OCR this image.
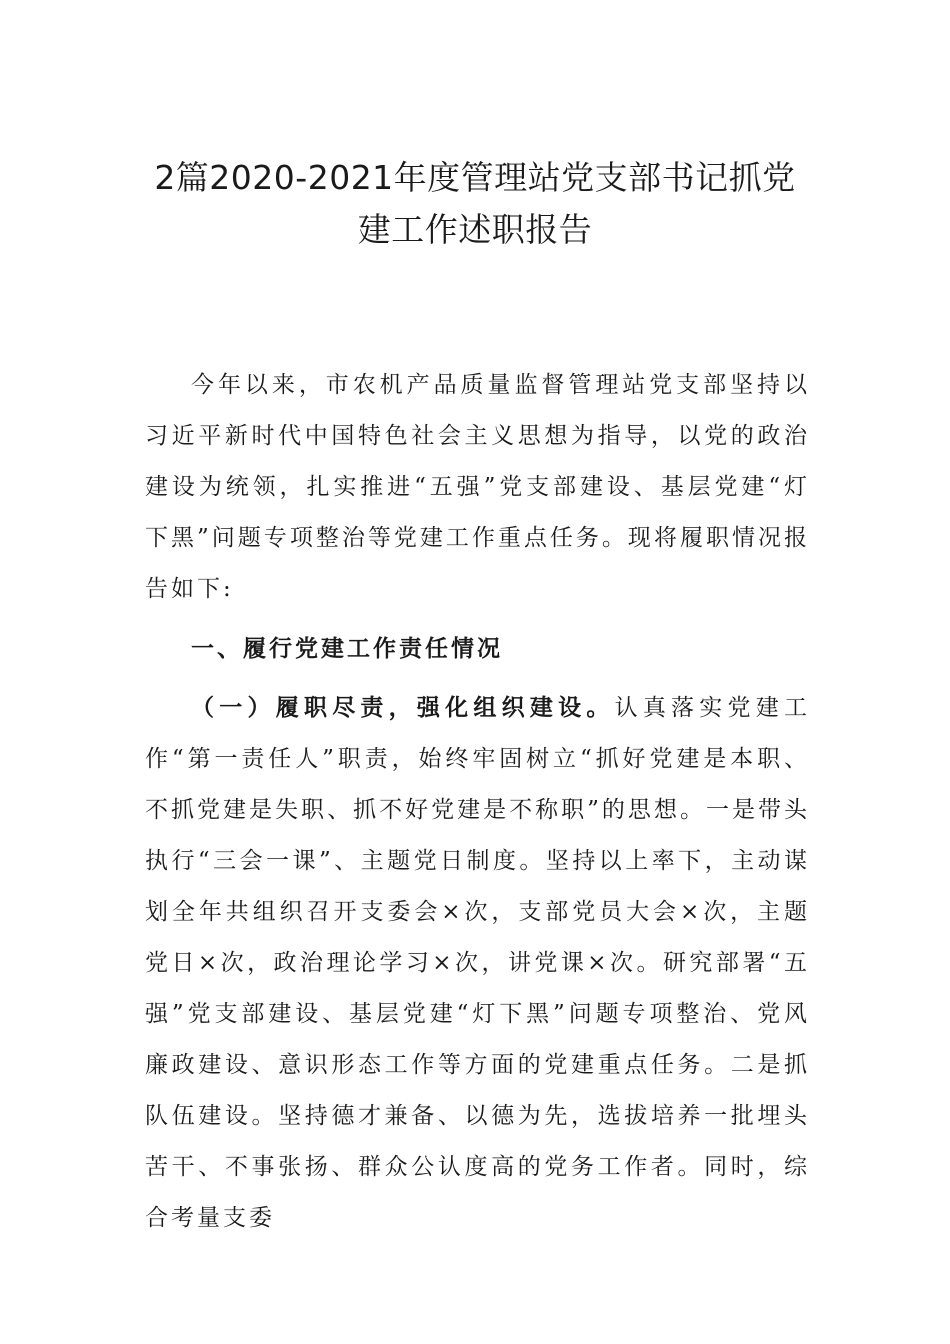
2篇2020-2021年度管理站党支部书记抓党
建工作述职报告

今年以来，市农机产品质量监督管理站党支部坚持以习近平新时代中国特色社会主义思想为指导，以党的政治建设为统领，扎实推进“五强”党支部建设、基层党建“灯下黑”问题专项整治等党建工作重点任务。现将履职情况报告如下:

一、履行党建工作责任情况

（一）履职尽责，强化组织建设。认真落实党建工作“第一责任人”职责，始终牢固树立“抓好党建是本职、不抓党建是失职、抓不好党建是不称职”的思想。一是带头执行“三会一课”、主题党日制度。坚持以上率下，主动谋划全年共组织召开支委会×次，支部党员大会×次，主题党日×次，政治理论学习×次，讲党课×次。研究部署“五强”党支部建设、基层党建“灯下黑”问题专项整治、党风廉政建设、意识形态工作等方面的党建重点任务。二是抓队伍建设。坚持德才兼备、以德为先，选拔培养一批埋头苦干、不事张扬、群众公认度高的党务工作者。同时，综合考量支委
